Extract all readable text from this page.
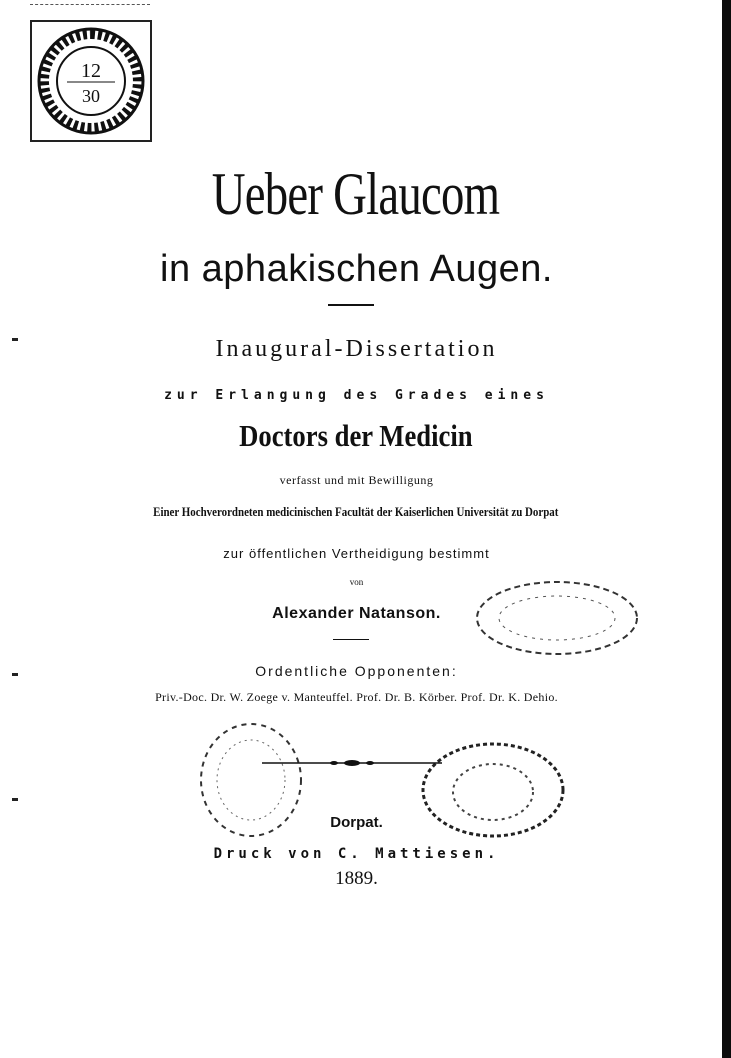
12
30
Ueber Glaucom
in aphakischen Augen.
Inaugural-Dissertation
zur Erlangung des Grades eines
Doctors der Medicin
verfasst und mit Bewilligung
Einer Hochverordneten medicinischen Facultät der Kaiserlichen Universität zu Dorpat
zur öffentlichen Vertheidigung bestimmt
von
Alexander Natanson.
Ordentliche Opponenten:
Priv.-Doc. Dr. W. Zoege v. Manteuffel. Prof. Dr. B. Körber. Prof. Dr. K. Dehio.
Dorpat.
Druck von C. Mattiesen.
1889.
